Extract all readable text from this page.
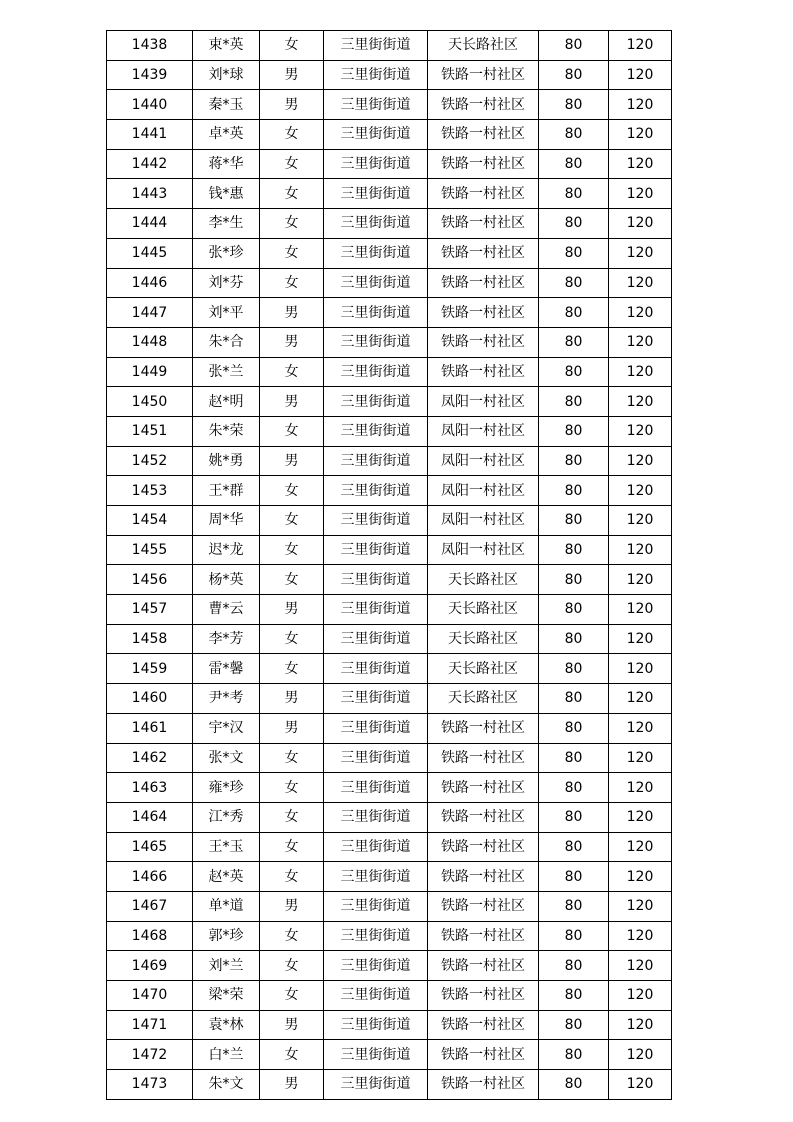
1438	束*英	女	三里街街道	天长路社区	80	120
1439	刘*球	男	三里街街道	铁路一村社区	80	120
1440	秦*玉	男	三里街街道	铁路一村社区	80	120
1441	卓*英	女	三里街街道	铁路一村社区	80	120
1442	蒋*华	女	三里街街道	铁路一村社区	80	120
1443	钱*惠	女	三里街街道	铁路一村社区	80	120
1444	李*生	女	三里街街道	铁路一村社区	80	120
1445	张*珍	女	三里街街道	铁路一村社区	80	120
1446	刘*芬	女	三里街街道	铁路一村社区	80	120
1447	刘*平	男	三里街街道	铁路一村社区	80	120
1448	朱*合	男	三里街街道	铁路一村社区	80	120
1449	张*兰	女	三里街街道	铁路一村社区	80	120
1450	赵*明	男	三里街街道	凤阳一村社区	80	120
1451	朱*荣	女	三里街街道	凤阳一村社区	80	120
1452	姚*勇	男	三里街街道	凤阳一村社区	80	120
1453	王*群	女	三里街街道	凤阳一村社区	80	120
1454	周*华	女	三里街街道	凤阳一村社区	80	120
1455	迟*龙	女	三里街街道	凤阳一村社区	80	120
1456	杨*英	女	三里街街道	天长路社区	80	120
1457	曹*云	男	三里街街道	天长路社区	80	120
1458	李*芳	女	三里街街道	天长路社区	80	120
1459	雷*馨	女	三里街街道	天长路社区	80	120
1460	尹*考	男	三里街街道	天长路社区	80	120
1461	宇*汉	男	三里街街道	铁路一村社区	80	120
1462	张*文	女	三里街街道	铁路一村社区	80	120
1463	雍*珍	女	三里街街道	铁路一村社区	80	120
1464	江*秀	女	三里街街道	铁路一村社区	80	120
1465	王*玉	女	三里街街道	铁路一村社区	80	120
1466	赵*英	女	三里街街道	铁路一村社区	80	120
1467	单*道	男	三里街街道	铁路一村社区	80	120
1468	郭*珍	女	三里街街道	铁路一村社区	80	120
1469	刘*兰	女	三里街街道	铁路一村社区	80	120
1470	梁*荣	女	三里街街道	铁路一村社区	80	120
1471	袁*林	男	三里街街道	铁路一村社区	80	120
1472	白*兰	女	三里街街道	铁路一村社区	80	120
1473	朱*文	男	三里街街道	铁路一村社区	80	120
